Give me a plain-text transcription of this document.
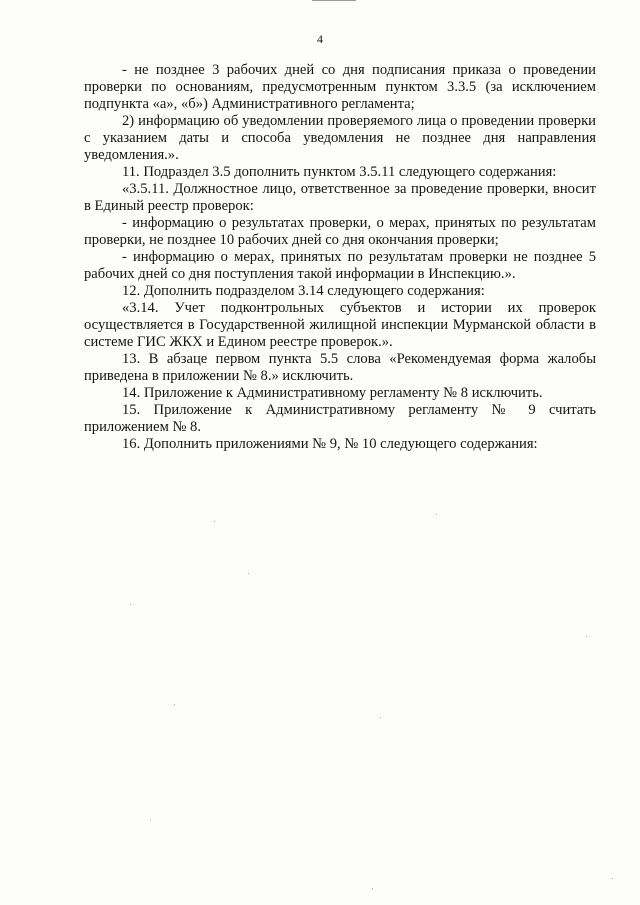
4

- не позднее 3 рабочих дней со дня подписания приказа о проведении проверки по основаниям, предусмотренным пунктом 3.3.5 (за исключением подпункта «а», «б») Административного регламента;

2) информацию об уведомлении проверяемого лица о проведении проверки с указанием даты и способа уведомления не позднее дня направления уведомления.».

11. Подраздел 3.5 дополнить пунктом 3.5.11 следующего содержания:

«3.5.11. Должностное лицо, ответственное за проведение проверки, вносит в Единый реестр проверок:

- информацию о результатах проверки, о мерах, принятых по результатам проверки, не позднее 10 рабочих дней со дня окончания проверки;

- информацию о мерах, принятых по результатам проверки не позднее 5 рабочих дней со дня поступления такой информации в Инспекцию.».

12. Дополнить подразделом 3.14 следующего содержания:

«3.14. Учет подконтрольных субъектов и истории их проверок осуществляется в Государственной жилищной инспекции Мурманской области в системе ГИС ЖКХ и Едином реестре проверок.».

13. В абзаце первом пункта 5.5 слова «Рекомендуемая форма жалобы приведена в приложении № 8.» исключить.

14. Приложение к Административному регламенту № 8 исключить.

15. Приложение к Административному регламенту № 9 считать приложением № 8.

16. Дополнить приложениями № 9, № 10 следующего содержания:
